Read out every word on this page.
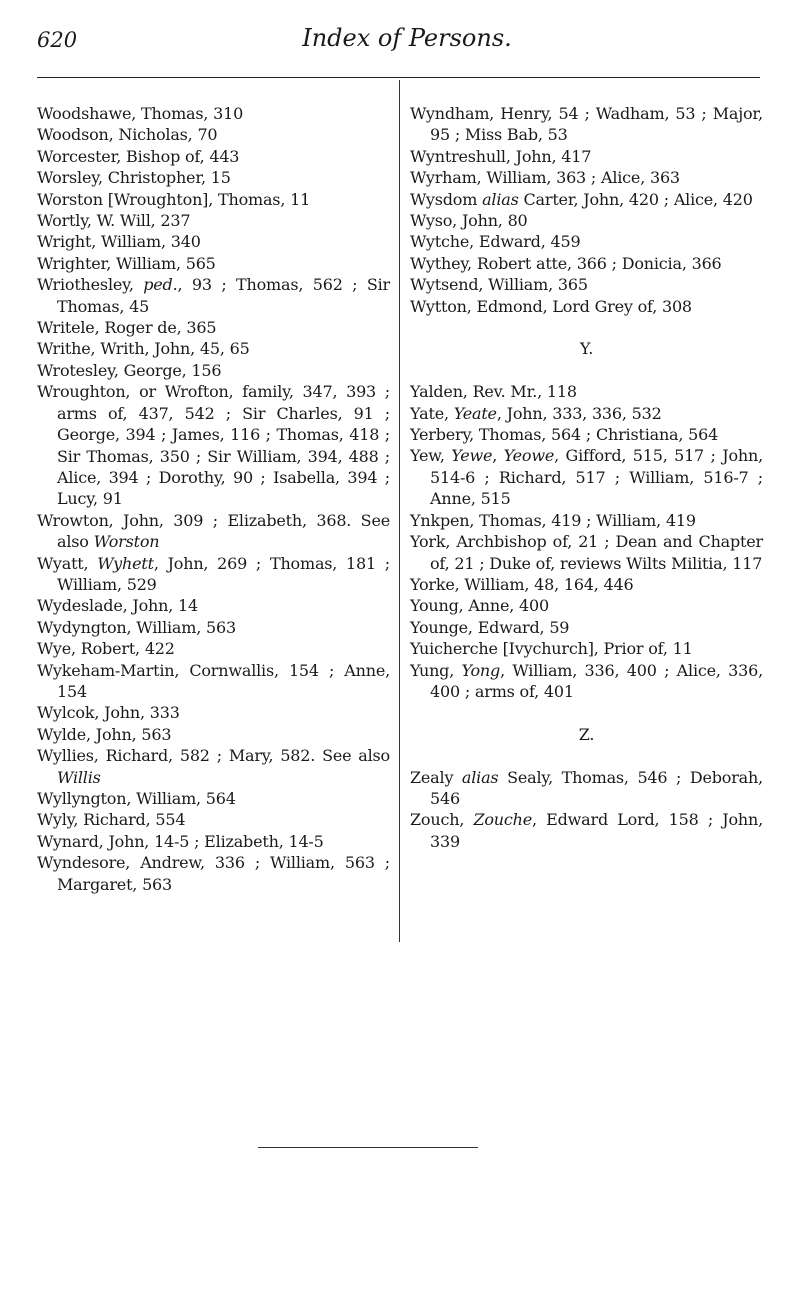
620	Index of Persons.

Woodshawe, Thomas, 310

Woodson, Nicholas, 70

Worcester, Bishop of, 443

Worsley, Christopher, 15

Worston [Wroughton], Thomas, 11

Wortly, W. Will, 237

Wright, William, 340

Wrighter, William, 565

Wriothesley, ped., 93 ; Thomas, 562 ; Sir Thomas, 45

Writele, Roger de, 365

Writhe, Writh, John, 45, 65

Wrotesley, George, 156

Wroughton, or Wrofton, family, 347, 393 ; arms of, 437, 542 ; Sir Charles, 91 ; George, 394 ; James, 116 ; Thomas, 418 ; Sir Thomas, 350 ; Sir William, 394, 488 ; Alice, 394 ; Dorothy, 90 ; Isabella, 394 ; Lucy, 91

Wrowton, John, 309 ; Elizabeth, 368. See also Worston

Wyatt, Wyhett, John, 269 ; Thomas, 181 ; William, 529

Wydeslade, John, 14

Wydyngton, William, 563

Wye, Robert, 422

Wykeham-Martin, Cornwallis, 154 ; Anne, 154

Wylcok, John, 333

Wylde, John, 563

Wyllies, Richard, 582 ; Mary, 582. See also Willis

Wyllyngton, William, 564

Wyly, Richard, 554

Wynard, John, 14-5 ; Elizabeth, 14-5

Wyndesore, Andrew, 336 ; William, 563 ; Margaret, 563

Wyndham, Henry, 54 ; Wadham, 53 ; Major, 95 ; Miss Bab, 53

Wyntreshull, John, 417

Wyrham, William, 363 ; Alice, 363

Wysdom alias Carter, John, 420 ; Alice, 420

Wyso, John, 80

Wytche, Edward, 459

Wythey, Robert atte, 366 ; Donicia, 366

Wytsend, William, 365

Wytton, Edmond, Lord Grey of, 308

Y.

Yalden, Rev. Mr., 118

Yate, Yeate, John, 333, 336, 532

Yerbery, Thomas, 564 ; Christiana, 564

Yew, Yewe, Yeowe, Gifford, 515, 517 ; John, 514-6 ; Richard, 517 ; William, 516-7 ; Anne, 515

Ynkpen, Thomas, 419 ; William, 419

York, Archbishop of, 21 ; Dean and Chapter of, 21 ; Duke of, reviews Wilts Militia, 117

Yorke, William, 48, 164, 446

Young, Anne, 400

Younge, Edward, 59

Yuicherche [Ivychurch], Prior of, 11

Yung, Yong, William, 336, 400 ; Alice, 336, 400 ; arms of, 401

Z.

Zealy alias Sealy, Thomas, 546 ; Deborah, 546

Zouch, Zouche, Edward Lord, 158 ; John, 339
